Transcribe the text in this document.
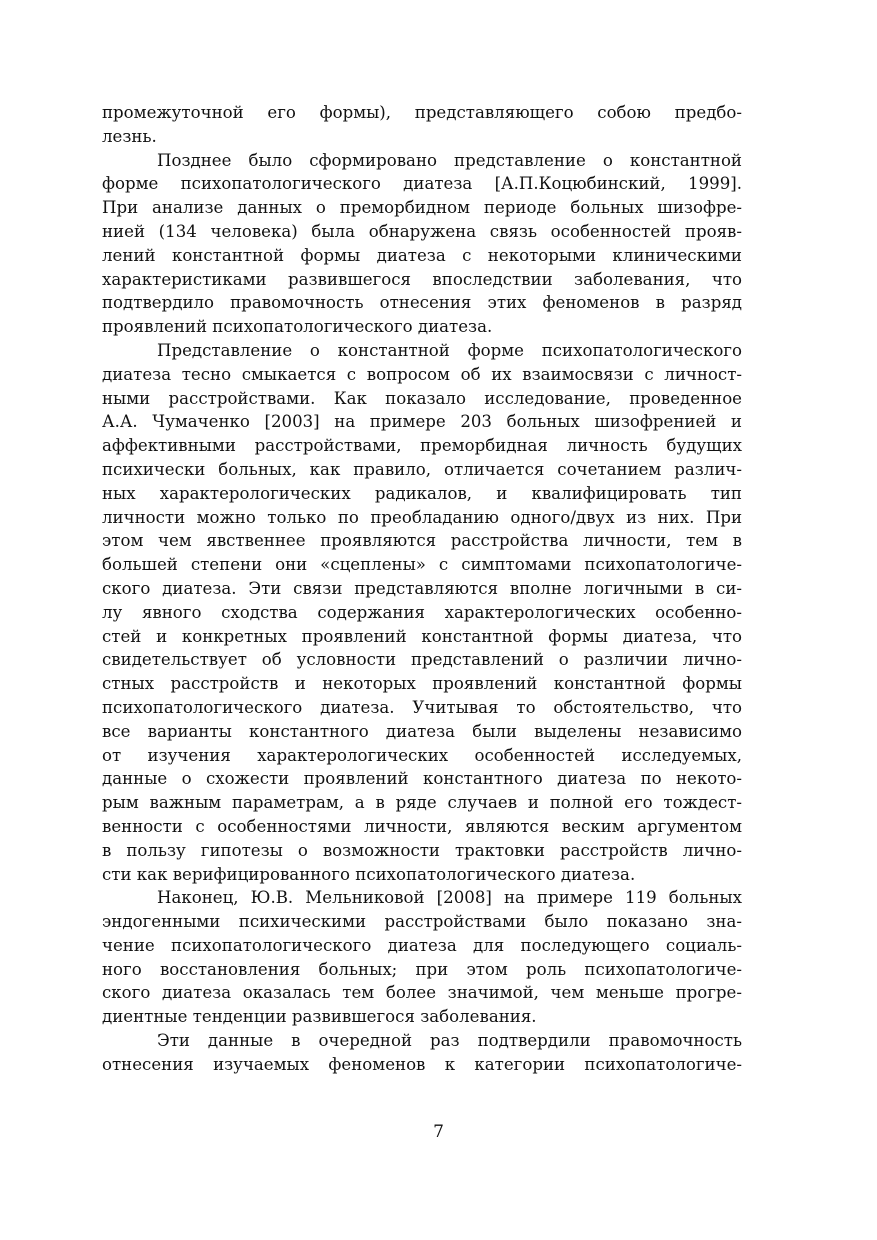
промежуточной его формы), представляющего собою предбо-
лезнь.
Позднее было сформировано представление о константной
форме психопатологического диатеза [А.П.Коцюбинский, 1999].
При анализе данных о преморбидном периоде больных шизофре-
нией (134 человека) была обнаружена связь особенностей прояв-
лений константной формы диатеза с некоторыми клиническими
характеристиками развившегося впоследствии заболевания, что
подтвердило правомочность отнесения этих феноменов в разряд
проявлений психопатологического диатеза.
Представление о константной форме психопатологического
диатеза тесно смыкается с вопросом об их взаимосвязи с личност-
ными расстройствами. Как показало исследование, проведенное
А.А. Чумаченко [2003] на примере 203 больных шизофренией и
аффективными расстройствами, преморбидная личность будущих
психически больных, как правило, отличается сочетанием различ-
ных характерологических радикалов, и квалифицировать тип
личности можно только по преобладанию одного/двух из них. При
этом чем явственнее проявляются расстройства личности, тем в
большей степени они «сцеплены» с симптомами психопатологиче-
ского диатеза. Эти связи представляются вполне логичными в си-
лу явного сходства содержания характерологических особенно-
стей и конкретных проявлений константной формы диатеза, что
свидетельствует об условности представлений о различии лично-
стных расстройств и некоторых проявлений константной формы
психопатологического диатеза. Учитывая то обстоятельство, что
все варианты константного диатеза были выделены независимо
от изучения характерологических особенностей исследуемых,
данные о схожести проявлений константного диатеза по некото-
рым важным параметрам, а в ряде случаев и полной его тождест-
венности с особенностями личности, являются веским аргументом
в пользу гипотезы о возможности трактовки расстройств лично-
сти как верифицированного психопатологического диатеза.
Наконец, Ю.В. Мельниковой [2008] на примере 119 больных
эндогенными психическими расстройствами было показано зна-
чение психопатологического диатеза для последующего социаль-
ного восстановления больных; при этом роль психопатологиче-
ского диатеза оказалась тем более значимой, чем меньше прогре-
диентные тенденции развившегося заболевания.
Эти данные в очередной раз подтвердили правомочность
отнесения изучаемых феноменов к категории психопатологиче-
7
